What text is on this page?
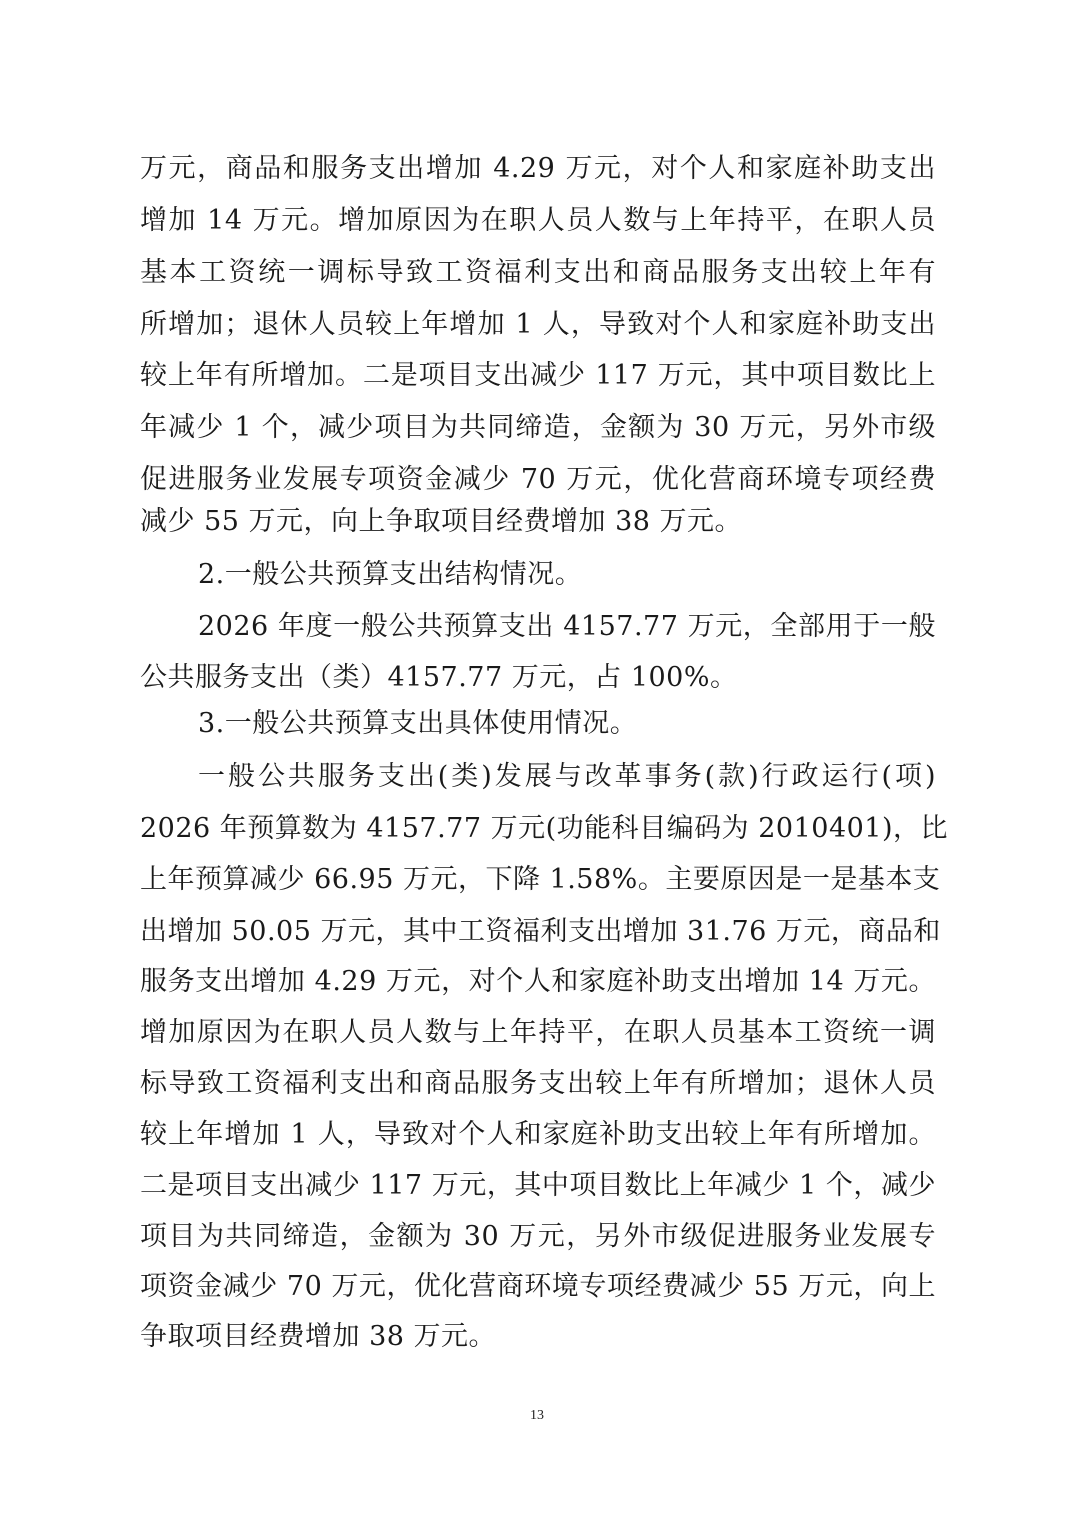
万元，商品和服务支出增加 4.29 万元，对个人和家庭补助支出
增加 14 万元。增加原因为在职人员人数与上年持平，在职人员
基本工资统一调标导致工资福利支出和商品服务支出较上年有
所增加；退休人员较上年增加 1 人，导致对个人和家庭补助支出
较上年有所增加。二是项目支出减少 117 万元，其中项目数比上
年减少 1 个，减少项目为共同缔造，金额为 30 万元，另外市级
促进服务业发展专项资金减少 70 万元，优化营商环境专项经费
减少 55 万元，向上争取项目经费增加 38 万元。
2.一般公共预算支出结构情况。
2026 年度一般公共预算支出 4157.77 万元，全部用于一般
公共服务支出（类）4157.77 万元，占 100%。
3.一般公共预算支出具体使用情况。
一般公共服务支出(类)发展与改革事务(款)行政运行(项)
2026 年预算数为 4157.77 万元(功能科目编码为 2010401)，比
上年预算减少 66.95 万元，下降 1.58%。主要原因是一是基本支
出增加 50.05 万元，其中工资福利支出增加 31.76 万元，商品和
服务支出增加 4.29 万元，对个人和家庭补助支出增加 14 万元。
增加原因为在职人员人数与上年持平，在职人员基本工资统一调
标导致工资福利支出和商品服务支出较上年有所增加；退休人员
较上年增加 1 人，导致对个人和家庭补助支出较上年有所增加。
二是项目支出减少 117 万元，其中项目数比上年减少 1 个，减少
项目为共同缔造，金额为 30 万元，另外市级促进服务业发展专
项资金减少 70 万元，优化营商环境专项经费减少 55 万元，向上
争取项目经费增加 38 万元。
13
